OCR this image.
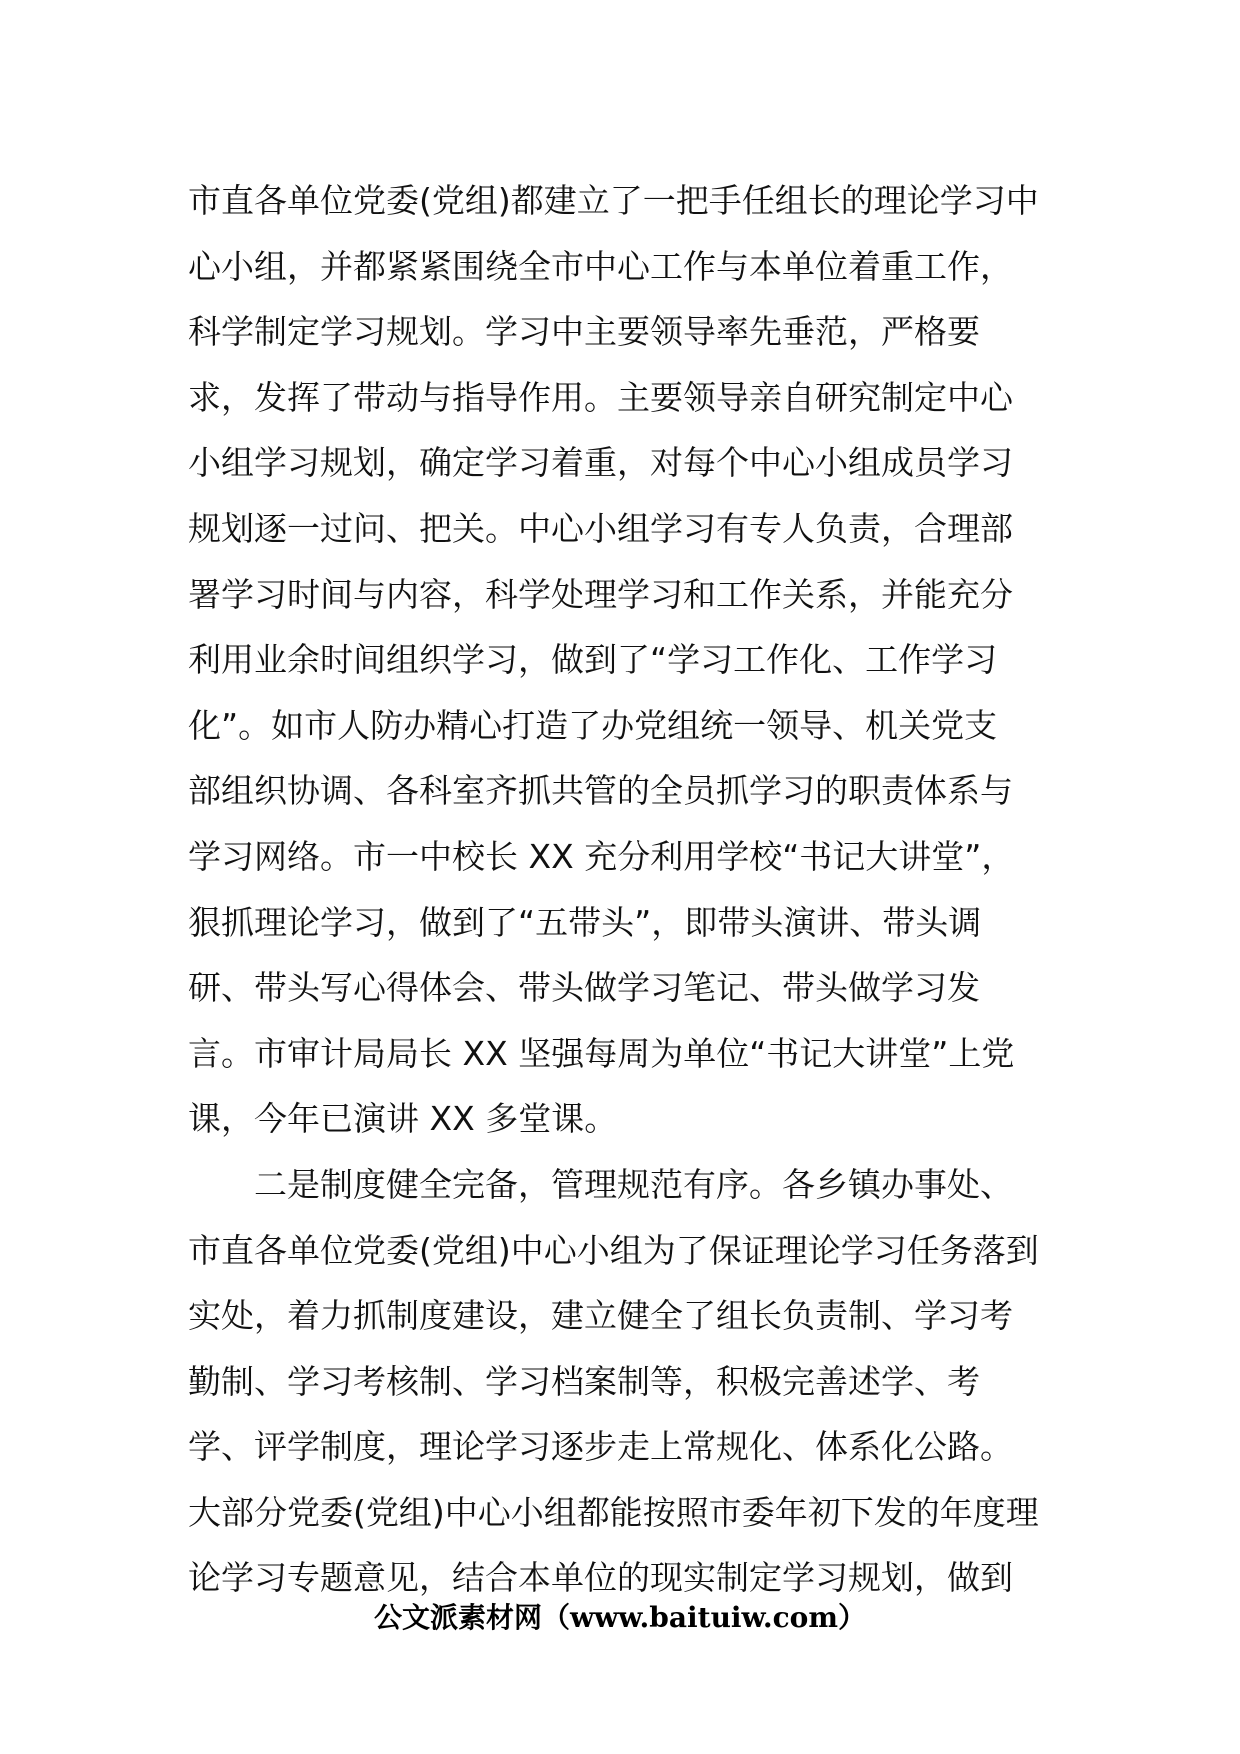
市直各单位党委(党组)都建立了一把手任组长的理论学习中
心小组，并都紧紧围绕全市中心工作与本单位着重工作，
科学制定学习规划。学习中主要领导率先垂范，严格要
求，发挥了带动与指导作用。主要领导亲自研究制定中心
小组学习规划，确定学习着重，对每个中心小组成员学习
规划逐一过问、把关。中心小组学习有专人负责，合理部
署学习时间与内容，科学处理学习和工作关系，并能充分
利用业余时间组织学习，做到了“学习工作化、工作学习
化”。如市人防办精心打造了办党组统一领导、机关党支
部组织协调、各科室齐抓共管的全员抓学习的职责体系与
学习网络。市一中校长 XX 充分利用学校“书记大讲堂”，
狠抓理论学习，做到了“五带头”，即带头演讲、带头调
研、带头写心得体会、带头做学习笔记、带头做学习发
言。市审计局局长 XX 坚强每周为单位“书记大讲堂”上党
课，今年已演讲 XX 多堂课。
二是制度健全完备，管理规范有序。各乡镇办事处、
市直各单位党委(党组)中心小组为了保证理论学习任务落到
实处，着力抓制度建设，建立健全了组长负责制、学习考
勤制、学习考核制、学习档案制等，积极完善述学、考
学、评学制度，理论学习逐步走上常规化、体系化公路。
大部分党委(党组)中心小组都能按照市委年初下发的年度理
论学习专题意见，结合本单位的现实制定学习规划，做到
公文派素材网（www.baituiw.com）
